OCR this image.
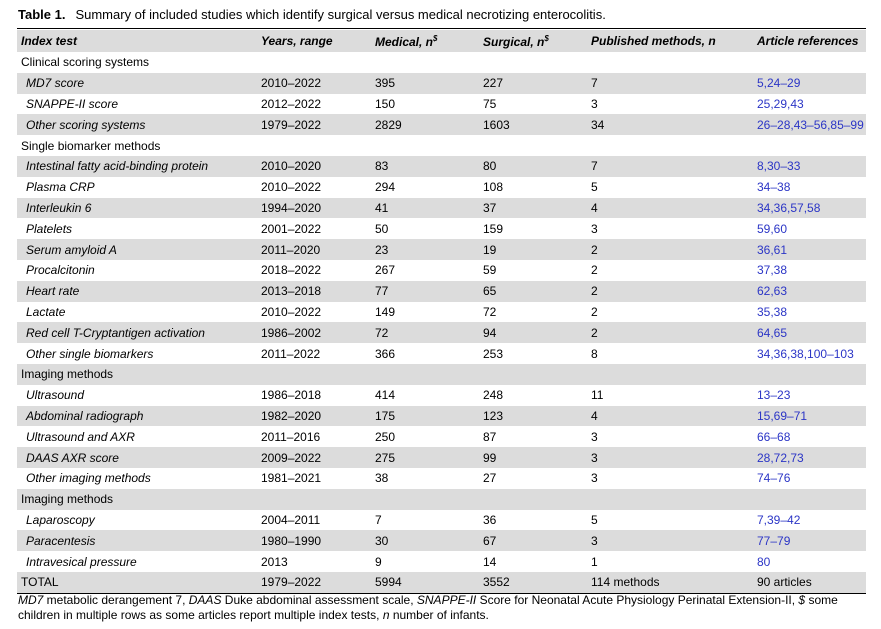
Table 1. Summary of included studies which identify surgical versus medical necrotizing enterocolitis.
Index test	Years, range	Medical, n$	Surgical, n$	Published methods, n	Article references
Clinical scoring systems					
MD7 score	2010–2022	395	227	7	5,24–29
SNAPPE-II score	2012–2022	150	75	3	25,29,43
Other scoring systems	1979–2022	2829	1603	34	26–28,43–56,85–99
Single biomarker methods					
Intestinal fatty acid-binding protein	2010–2020	83	80	7	8,30–33
Plasma CRP	2010–2022	294	108	5	34–38
Interleukin 6	1994–2020	41	37	4	34,36,57,58
Platelets	2001–2022	50	159	3	59,60
Serum amyloid A	2011–2020	23	19	2	36,61
Procalcitonin	2018–2022	267	59	2	37,38
Heart rate	2013–2018	77	65	2	62,63
Lactate	2010–2022	149	72	2	35,38
Red cell T-Cryptantigen activation	1986–2002	72	94	2	64,65
Other single biomarkers	2011–2022	366	253	8	34,36,38,100–103
Imaging methods					
Ultrasound	1986–2018	414	248	11	13–23
Abdominal radiograph	1982–2020	175	123	4	15,69–71
Ultrasound and AXR	2011–2016	250	87	3	66–68
DAAS AXR score	2009–2022	275	99	3	28,72,73
Other imaging methods	1981–2021	38	27	3	74–76
Imaging methods					
Laparoscopy	2004–2011	7	36	5	7,39–42
Paracentesis	1980–1990	30	67	3	77–79
Intravesical pressure	2013	9	14	1	80
TOTAL	1979–2022	5994	3552	114 methods	90 articles
MD7 metabolic derangement 7, DAAS Duke abdominal assessment scale, SNAPPE-II Score for Neonatal Acute Physiology Perinatal Extension-II, $ some children in multiple rows as some articles report multiple index tests, n number of infants.
